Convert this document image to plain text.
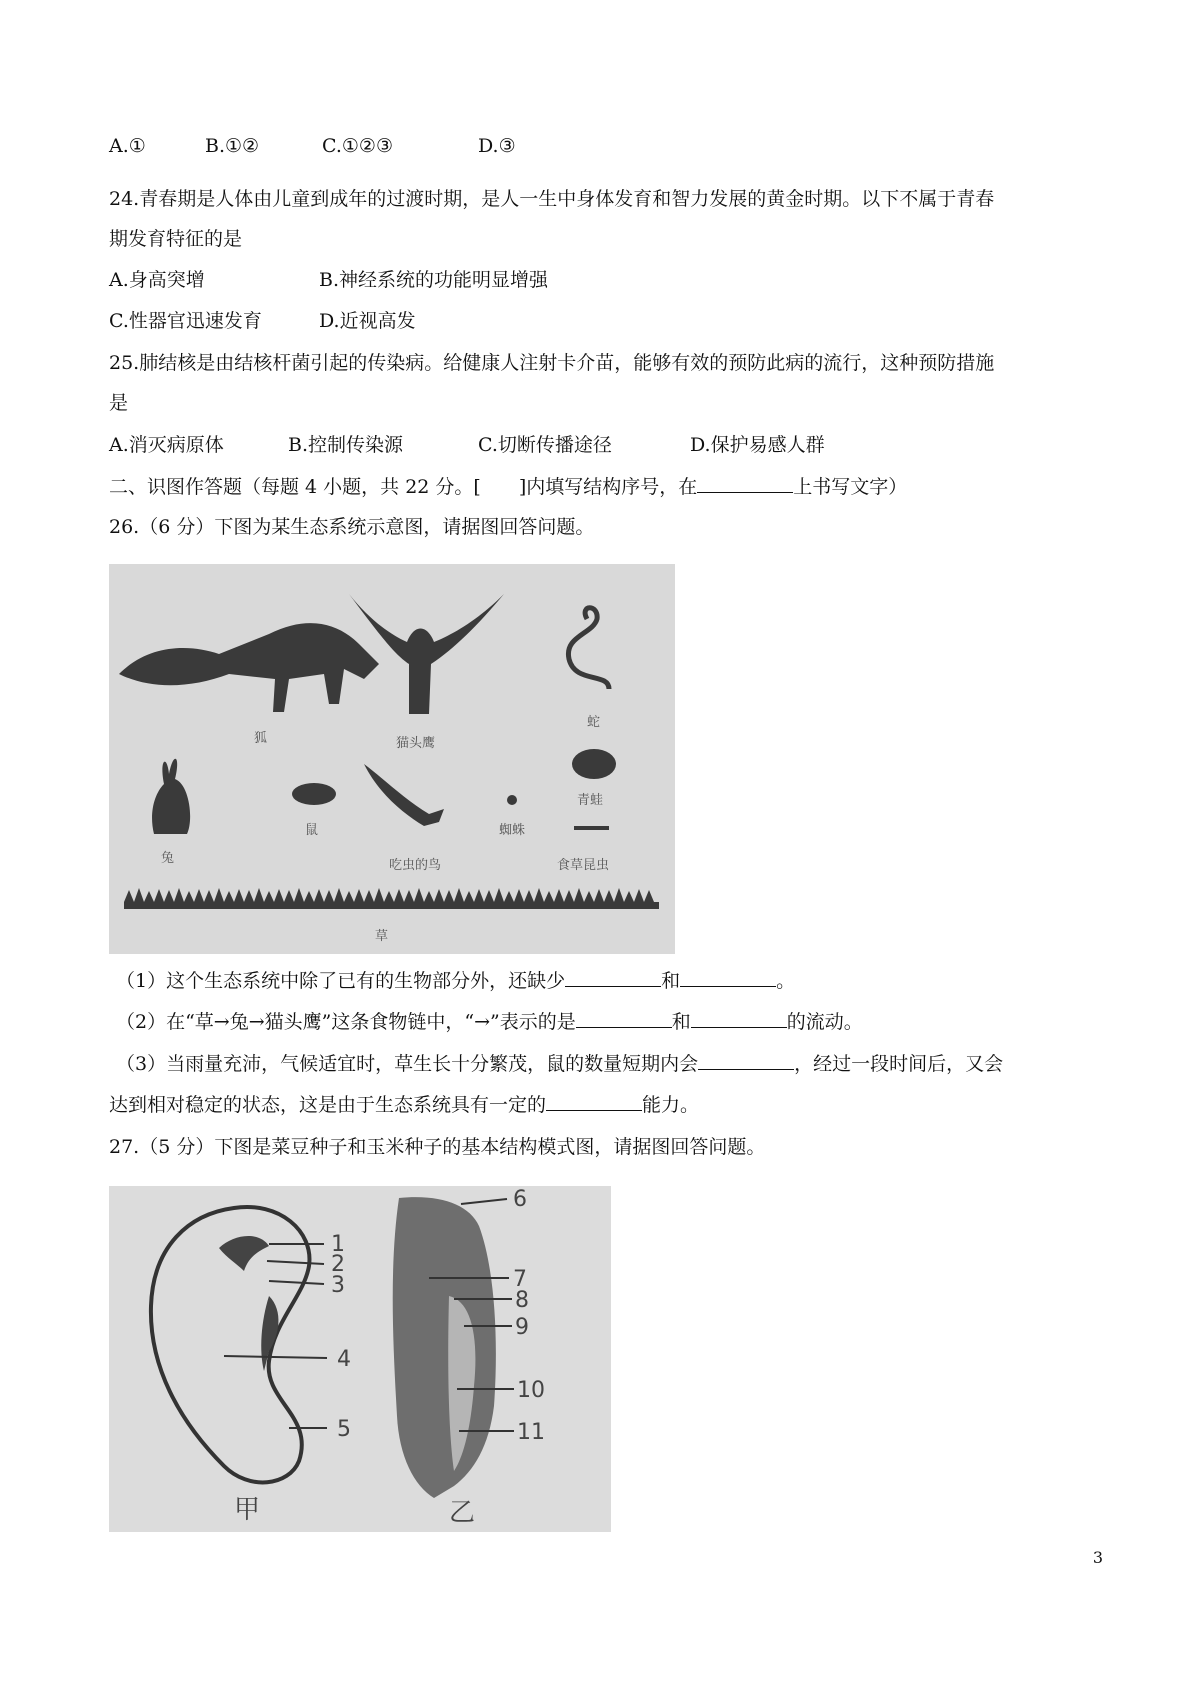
A.①	B.①②	C.①②③	D.③
24.青春期是人体由儿童到成年的过渡时期，是人一生中身体发育和智力发展的黄金时期。以下不属于青春
期发育特征的是
A.身高突增	B.神经系统的功能明显增强
C.性器官迅速发育	D.近视高发
25.肺结核是由结核杆菌引起的传染病。给健康人注射卡介苗，能够有效的预防此病的流行，这种预防措施
是
A.消灭病原体	B.控制传染源	C.切断传播途径	D.保护易感人群
二、识图作答题（每题 4 小题，共 22 分。[　　]内填写结构序号，在	上书写文字）
26.（6 分）下图为某生态系统示意图，请据图回答问题。
狐	猫头鹰
蛇
兔
鼠
吃虫的鸟
蜘蛛
青蛙
食草昆虫
草
（1）这个生态系统中除了已有的生物部分外，还缺少	和	。
（2）在“草→兔→猫头鹰”这条食物链中，“→”表示的是	和	的流动。
（3）当雨量充沛，气候适宜时，草生长十分繁茂，鼠的数量短期内会	，经过一段时间后，又会
达到相对稳定的状态，这是由于生态系统具有一定的	能力。
27.（5 分）下图是菜豆种子和玉米种子的基本结构模式图，请据图回答问题。
1
2
3
4
5
甲
6
7
8
9
10
11
乙
3
